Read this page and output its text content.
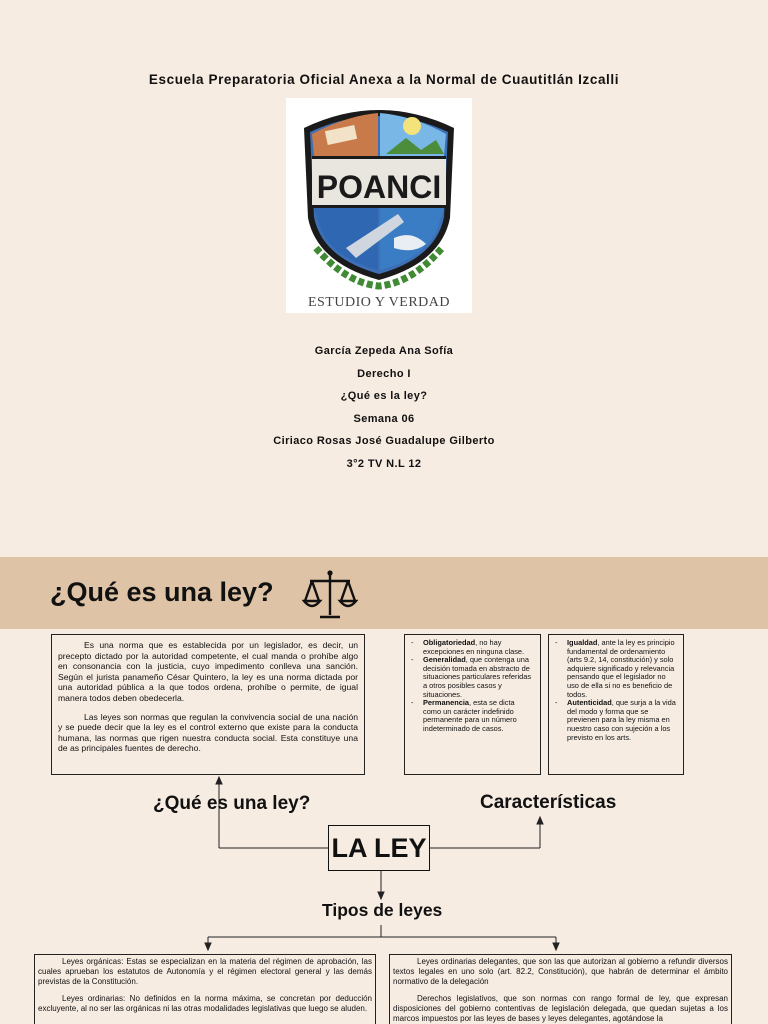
Escuela Preparatoria Oficial Anexa a la Normal de Cuautitlán Izcalli
POANCI
ESTUDIO Y VERDAD
García Zepeda Ana Sofía
Derecho I
¿Qué es la ley?
Semana 06
Ciriaco Rosas José Guadalupe Gilberto
3°2 TV N.L 12
¿Qué es una ley?

Es una norma que es establecida por un legislador, es decir, un precepto dictado por la autoridad competente, el cual manda o prohíbe algo en consonancia con la justicia, cuyo impedimento conlleva una sanción. Según el jurista panameño César Quintero, la ley es una norma dictada por una autoridad pública a la que todos ordena, prohíbe o permite, de igual manera todos deben obedecerla.

Las leyes son normas que regulan la convivencia social de una nación y se puede decir que la ley es el control externo que existe para la conducta humana, las normas que rigen nuestra conducta social. Esta constituye una de as principales fuentes de derecho.

- Obligatoriedad, no hay excepciones en ninguna clase.
- Generalidad, que contenga una decisión tomada en abstracto de situaciones particulares referidas a otros posibles casos y situaciones.
- Permanencia, esta se dicta como un carácter indefinido permanente para un número indeterminado de casos.
- Igualdad, ante la ley es principio fundamental de ordenamiento (arts 9.2, 14, constitución) y solo adquiere significado y relevancia pensando que el legislador no uso de ella si no es beneficio de todos.
- Autenticidad, que surja a la vida del modo y forma que se previenen para la ley misma en nuestro caso con sujeción a los previsto en los arts.
¿Qué es una ley?	Características
LA LEY
Tipos de leyes

Leyes orgánicas: Estas se especializan en la materia del régimen de aprobación, las cuales aprueban los estatutos de Autonomía y el régimen electoral general y las demás previstas de la Constitución.

Leyes ordinarias: No definidos en la norma máxima, se concretan por deducción excluyente, al no ser las orgánicas ni las otras modalidades legislativas que luego se aluden.

Leyes ordinarias delegantes, que son las que autorizan al gobierno a refundir diversos textos legales en uno solo (art. 82.2, Constitución), que habrán de determinar el ámbito normativo de la delegación

Derechos legislativos, que son normas con rango formal de ley, que expresan disposiciones del gobierno contentivas de legislación delegada, que quedan sujetas a los marcos impuestos por las leyes de bases y leyes delegantes, agotándose la
